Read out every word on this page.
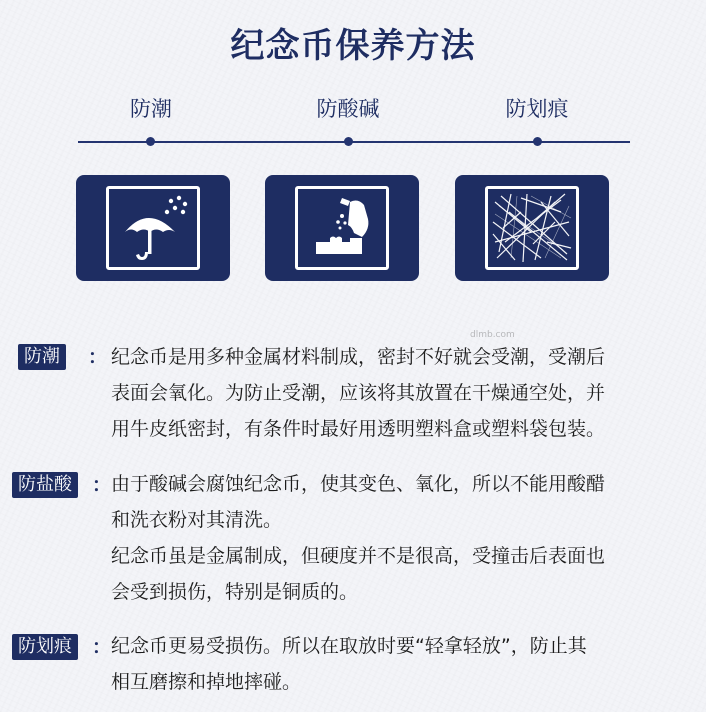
纪念币保养方法
防潮	防酸碱	防划痕
dlmb.com
防潮	： 纪念币是用多种金属材料制成，密封不好就会受潮，受潮后

表面会氧化。为防止受潮，应该将其放置在干燥通空处，并

用牛皮纸密封，有条件时最好用透明塑料盒或塑料袋包装。

防盐酸	： 由于酸碱会腐蚀纪念币，使其变色、氧化，所以不能用酸醋

和洗衣粉对其清洗。

纪念币虽是金属制成，但硬度并不是很高，受撞击后表面也

会受到损伤，特别是铜质的。

防划痕	： 纪念币更易受损伤。所以在取放时要“轻拿轻放”，防止其

相互磨擦和掉地摔碰。
